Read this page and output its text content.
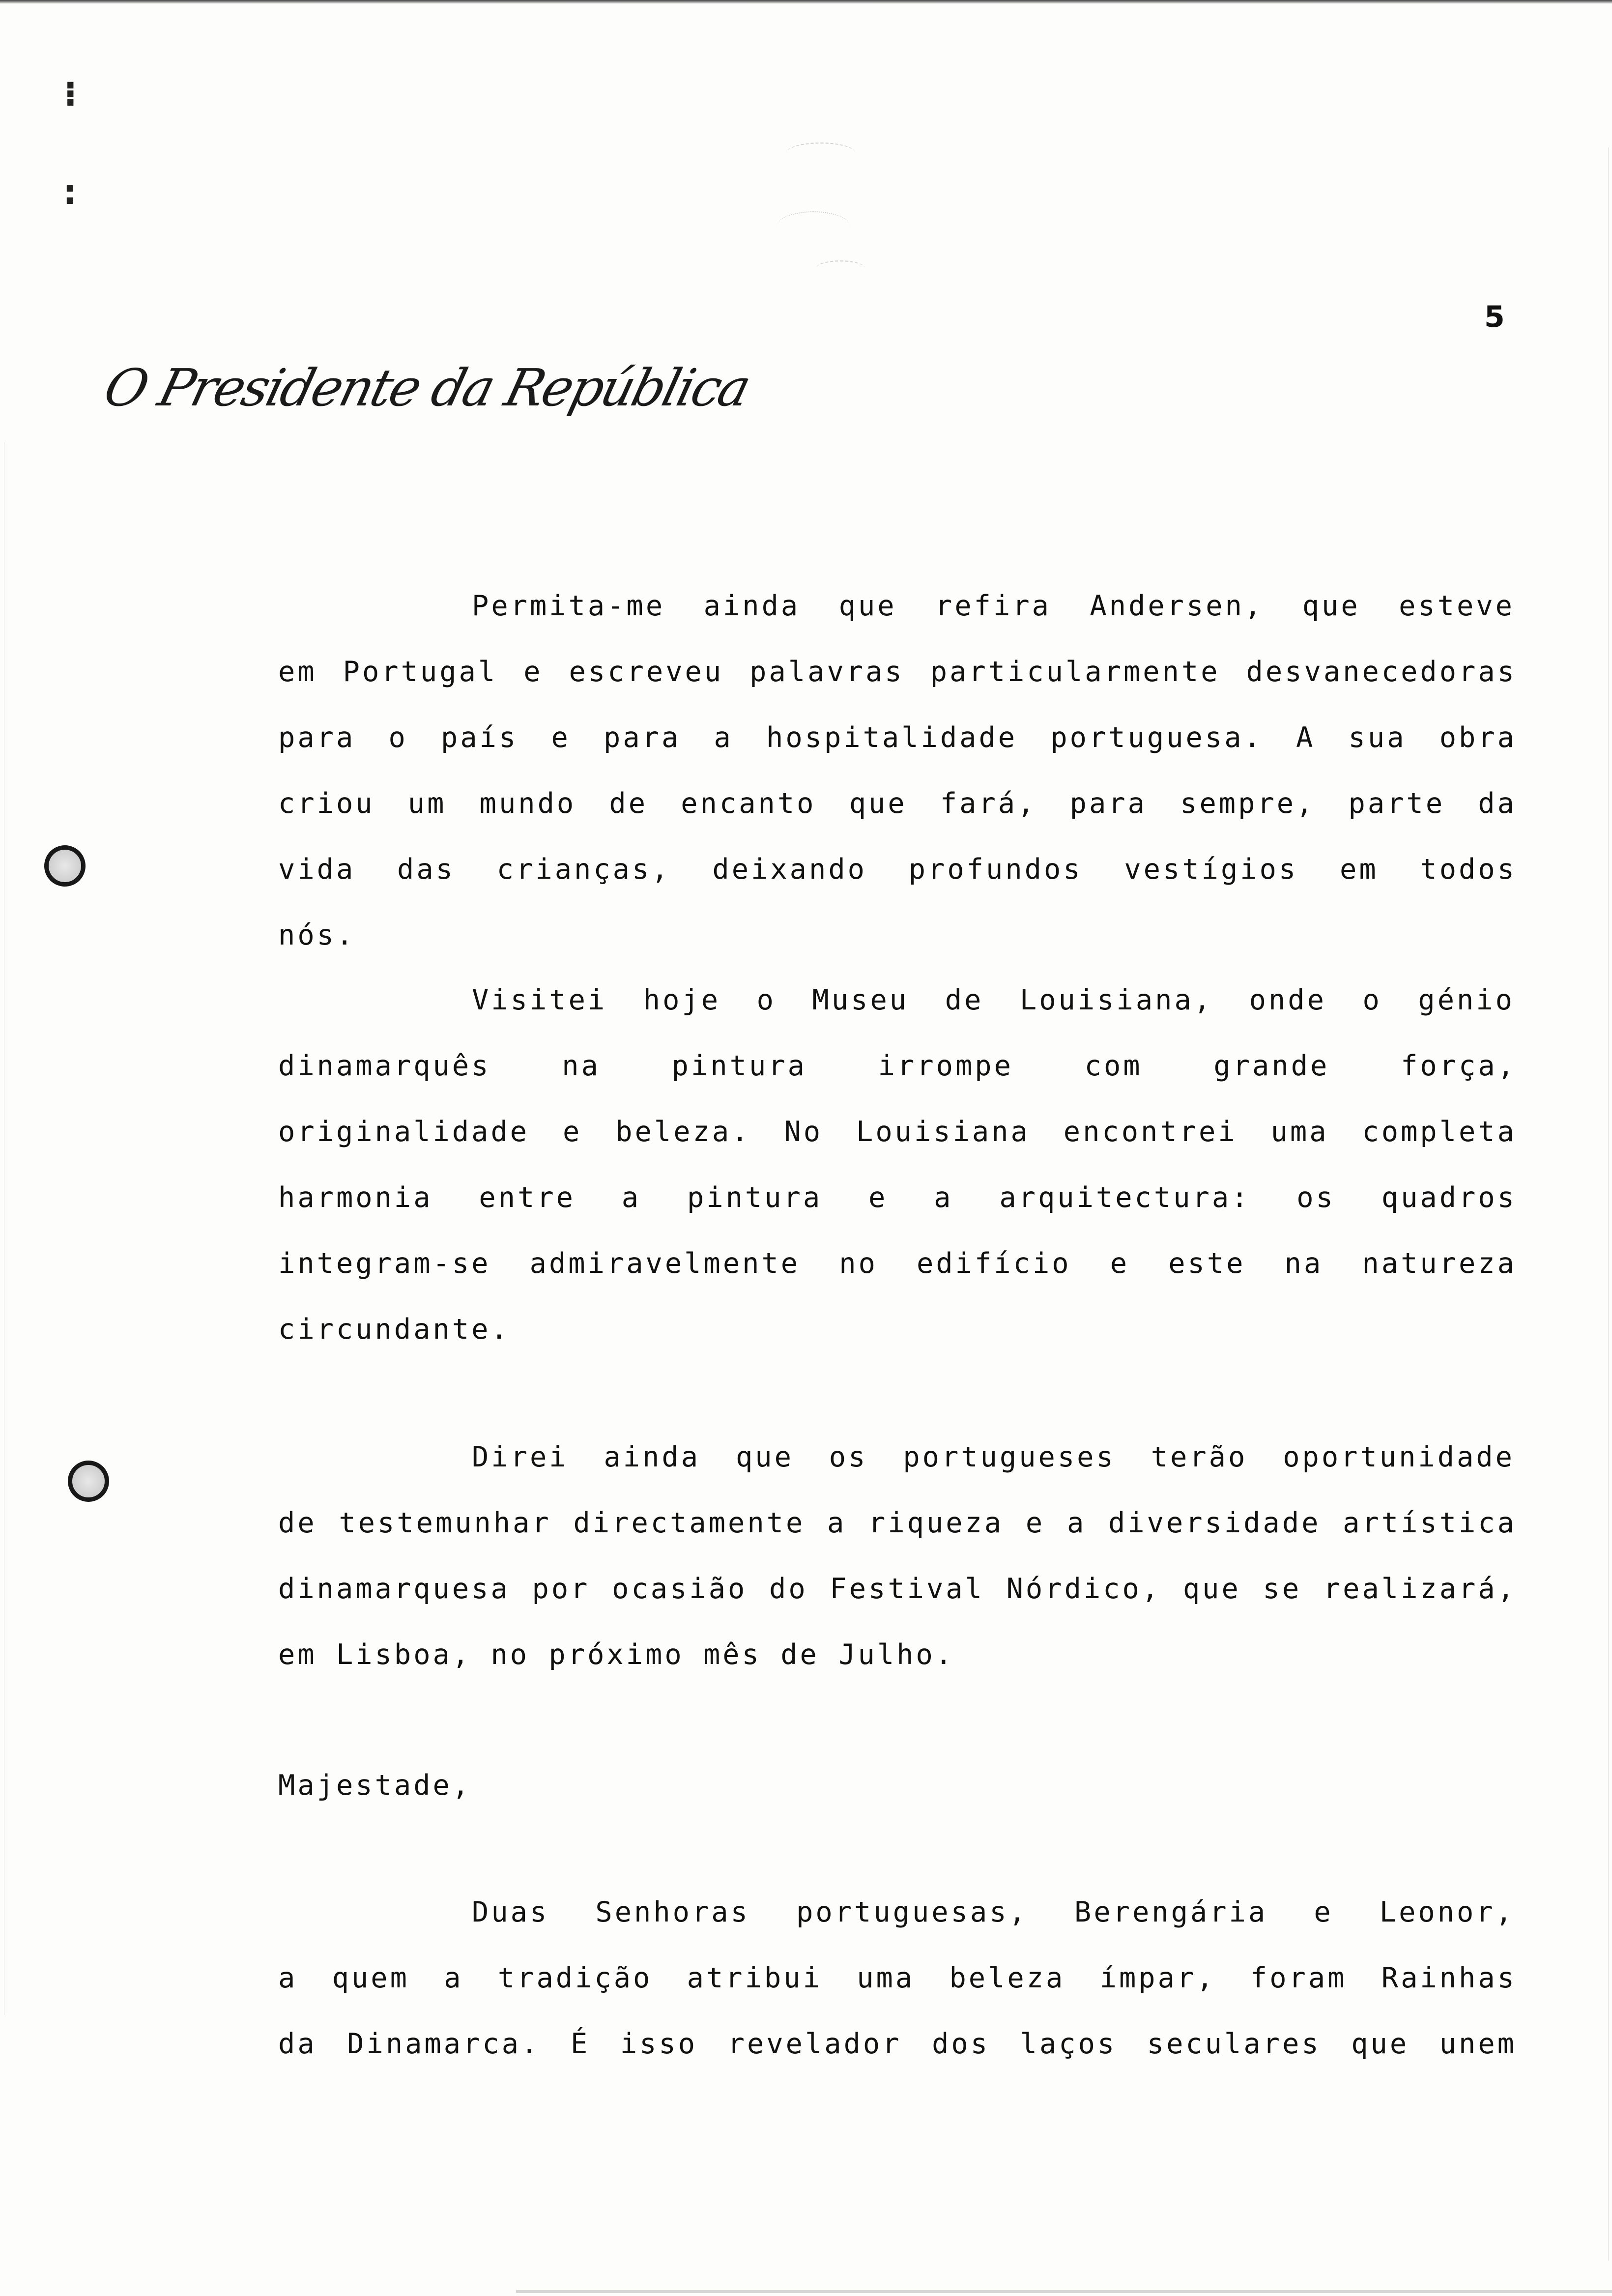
⁝
:
5
O Presidente da República
Permita-me ainda que refira Andersen, que esteve
em Portugal e escreveu palavras particularmente desvanecedoras
para o país e para a hospitalidade portuguesa. A sua obra
criou um mundo de encanto que fará, para sempre, parte da
vida das crianças, deixando profundos vestígios em todos
nós.
Visitei hoje o Museu de Louisiana, onde o génio
dinamarquês na pintura irrompe com grande força,
originalidade e beleza. No Louisiana encontrei uma completa
harmonia entre a pintura e a arquitectura: os quadros
integram-se admiravelmente no edifício e este na natureza
circundante.
Direi ainda que os portugueses terão oportunidade
de testemunhar directamente a riqueza e a diversidade artística
dinamarquesa por ocasião do Festival Nórdico, que se realizará,
em Lisboa, no próximo mês de Julho.
Majestade,
Duas Senhoras portuguesas, Berengária e Leonor,
a quem a tradição atribui uma beleza ímpar, foram Rainhas
da Dinamarca. É isso revelador dos laços seculares que unem
